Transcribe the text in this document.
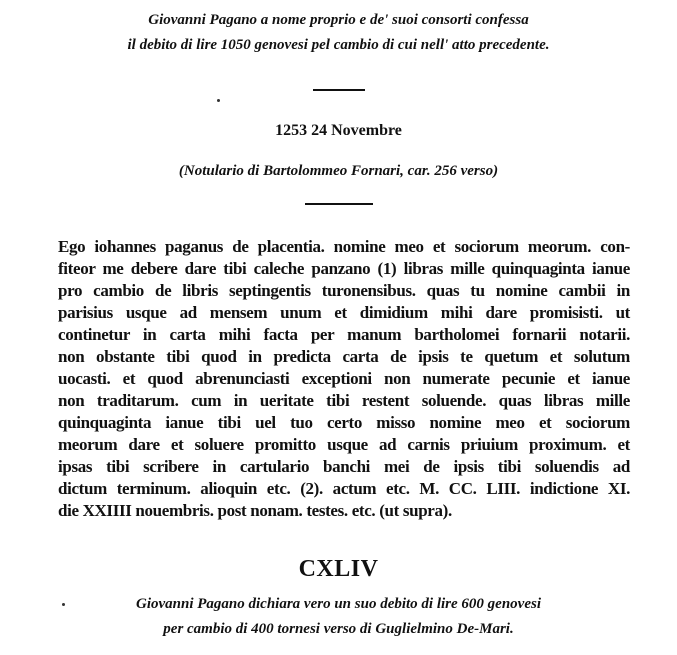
Giovanni Pagano a nome proprio e de' suoi consorti confessa
il debito di lire 1050 genovesi pel cambio di cui nell' atto precedente.
1253 24 Novembre
(Notulario di Bartolommeo Fornari, car. 256 verso)
Ego iohannes paganus de placentia. nomine meo et sociorum meorum. con-
fiteor me debere dare tibi caleche panzano (1) libras mille quinquaginta ianue
pro cambio de libris septingentis turonensibus. quas tu nomine cambii in
parisius usque ad mensem unum et dimidium mihi dare promisisti. ut
continetur in carta mihi facta per manum bartholomei fornarii notarii.
non obstante tibi quod in predicta carta de ipsis te quetum et solutum
uocasti. et quod abrenunciasti exceptioni non numerate pecunie et ianue
non traditarum. cum in ueritate tibi restent soluende. quas libras mille
quinquaginta ianue tibi uel tuo certo misso nomine meo et sociorum
meorum dare et soluere promitto usque ad carnis priuium proximum. et
ipsas tibi scribere in cartulario banchi mei de ipsis tibi soluendis ad
dictum terminum. alioquin etc. (2). actum etc. M. CC. LIII. indictione XI.
die XXIIII nouembris. post nonam. testes. etc. (ut supra).
CXLIV
Giovanni Pagano dichiara vero un suo debito di lire 600 genovesi
per cambio di 400 tornesi verso di Guglielmino De-Mari.
